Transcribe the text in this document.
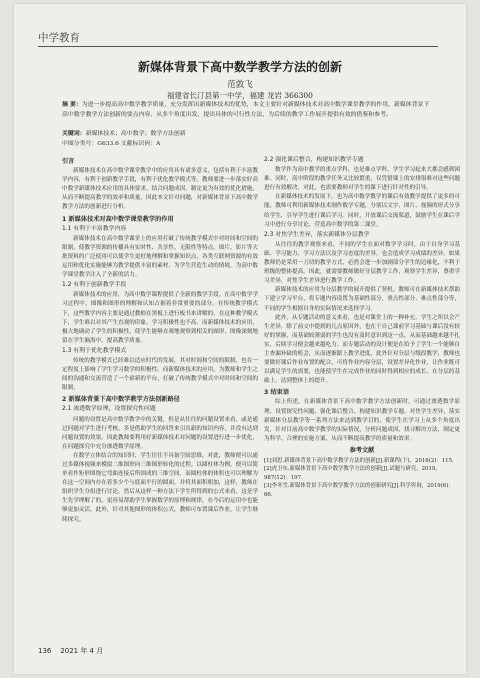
中学教育
新媒体背景下高中数学教学方法的创新
范敦飞
福建省长汀县第一中学，福建 龙岩 366300
摘 要：为进一步提高高中数学教学质量，充分发挥出新媒体技术的优势，本文主要针对新媒体技术对高中数学课堂教学的作用，新媒体背景下高中数学教学方法创新的要点内容，从多个角度出发，提出具体的可行性方法，为后续的教学工作展开提供有效的借鉴和参考。
关键词：新媒体技术；高中数学；数学方法创新
中图分类号：G633.6 文献标识码：A
引言

新媒体技术在高中数学课堂教学中的应用具有诸多意义，包括有利于丰富教学内容，有利于创新教学手段，有利于优化教学模式等。教师要进一步落实好高中数学新媒体技术应用的具体要求，结合问题成因，制定更为有效的优化措施，从而不断提高教学的效率和质量。因此本文针对问题，对新媒体背景下高中数学教学方法的创新进行分析。

1 新媒体技术对高中数学课堂教学的作用
1.1 有利于丰富教学内容

新媒体技术在高中数学课堂上的应用打破了传统教学模式中对时间和空间的限制，使教学资源的传播具有实时性、共享性、无限性等特点。图片、影片等大批资料的广泛使用可以使学生更好地理解和掌握知识点，各类互联网资源的有效运用和优化实施能够为教学提供丰富的素材，为学生营造生动的情境，为高中数学课堂教学注入了全新的活力。

1.2 有利于创新教学手段

新媒体技术的应用，为高中数学课程提供了全新的教学手段。在高中数学学习过程中，图像和图形的理解和认知占据着非常重要的部分。在传统教学模式下，这些教学内容主要是通过教师在黑板上进行板书来讲解的，在这种教学模式下，学生难以对其产生直观的印象，学习积极性也不高。而新媒体技术的应用，极大地调动了学生的积极性，使学生能够直观地观察到相关的图形，图像深刻地留在学生脑海中，提高教学质量。

1.3 有利于优化教学模式

传统的教学模式已经难以适应时代的发展，其对时间和空间的限制，也在一定程度上影响了学生学习数学的积极性。而新媒体技术的应用，为教师和学生之间的沟通和交流营造了一个崭新的平台，打破了传统教学模式中对时间和空间的限制。

2 新媒体背景下高中数学教学方法创新路径
2.1 渗透数学原理，设置探究性问题

问题的设置是高中数学教学中的关键，但是从往往的问题设置来看，或是通过问题对学生进行考核，多是借助学生的回答来引出新的知识内容，并没有达到问题设置的效果。因此教师要利用好新媒体技术对问题的设置进行进一步优化，在问题探究中充分渗透数学原理。

在数学立体结合的知识时，学生往往不具备空间思维，对此，教师便可以通过多媒体视频来模拟二维图形向三维图形转化的过程。以圆柱体为例，便可以简单看作矩形围绕它弯曲连接后所围成的三维空间，而圆柱体的体积也可以理解为在这一空间内存在着多少个与底面平行的圆面，并将其面积相加，这样，教师在组织学生分组进行讨论，然后从这样一种方法下学生所得到的公式来看，这是学生先学理解了的，更容易帮助学生掌握数学的原理和规律，在今后的运用中也能够更加灵活。此外，针对其他图形的体积公式，教师可布置课后作业，让学生继续探究。

2.2 强化课后整合，构建知识教学专题

数学作为高中教学的重点学科，也是难点学科，学生学习起来大都会感到困难。同时，高中阶段的教学任务又比较繁重，仅凭借课上的安排很难对这些问题进行有效解决，对此，也需要教师对学生的课下进行针对性的引导。

在新媒体技术的发展下，也为高中数学教学的课后有效教学提供了更多的可能。教师可利用新媒体技术制作数学专题，分别以文字、图片、视频的形式分享给学生，引导学生进行课后学习。同时，开放课后交流渠道，鼓励学生在课后学习中进行分享讨论，营造高中数学的第二课堂。

2.3 对焦学生差异，落实新媒体分层教学

从往往的教学观察来看，不同的学生在面对数学学习时，由于自身学习基础、学习能力、学习方法以及学习态度的差异，也会造成学习成绩的差异。如果教师仍是采用一刀切的教学方式，必然会进一步加剧部分学生的边缘化，不利于班级的整体提高。因此，就需要教师做好分层教学工作，观察学生差异，尊重学习差异，对焦学生差异进行教学工作。

新媒体技术的应用为分层教学的展开提供了契机。教师可在新媒体技术帮助下建立学习平台，将专题内容设置为基础性部分，重点性部分、难点性部分等，不同的学生根据自身的实际情况来选择学习。

此外，从专题活动的意义来看，也是对课堂上的一种补充，学生之所以会产生差异，除了前文中提到的几点原因外，也在于自己课前学习基础与课后没有较好的掌握，而基础较薄弱的学生也没有及时意识到这一点，从而基础越来越不扎实，后续学习便会越来越吃力。而专题活动的设计便是在给予了学生一个能够自主查漏补缺的机会，从而逐渐跟上教学进度，此外针对分层与级段教学，教师也要做好课后作业布置的配合，可将作业内容分层，设置差异化作业，让作业既可以满足学生的需要，也能使学生在完成作业的同时得到相应的成长，在分层的基础上，达到整体上的提升。

3 结束语

综上所述，在新媒体背景下高中数学教学方法创新时，可通过渗透数学原理、设置探究性问题、强化课后整合、构建知识教学专题、对焦学生差异，落实新媒体分层教学等一系列方法来达到教学目的，使学生在学习上从多个角度出发，针对目前高中数学教学的实际情况，分析问题成因，找寻解决方法，制定更为科学、合理的实施方案，从而不断提高教学的质量和效率。

参考文献
[1]刘思.新媒体背景下高中数学教学方法的创新[J].新课程(下)，2016(2)：115.
[2]虎卫东.新媒体背景下高中数学教学方法的创新[J].试题与研究，2019，987(12)：197.
[3]李冬雪.新媒体背景下高中数学教学方法的创新研究[J].科学咨询，2019(6)：66.
136 2021 年 4 月
